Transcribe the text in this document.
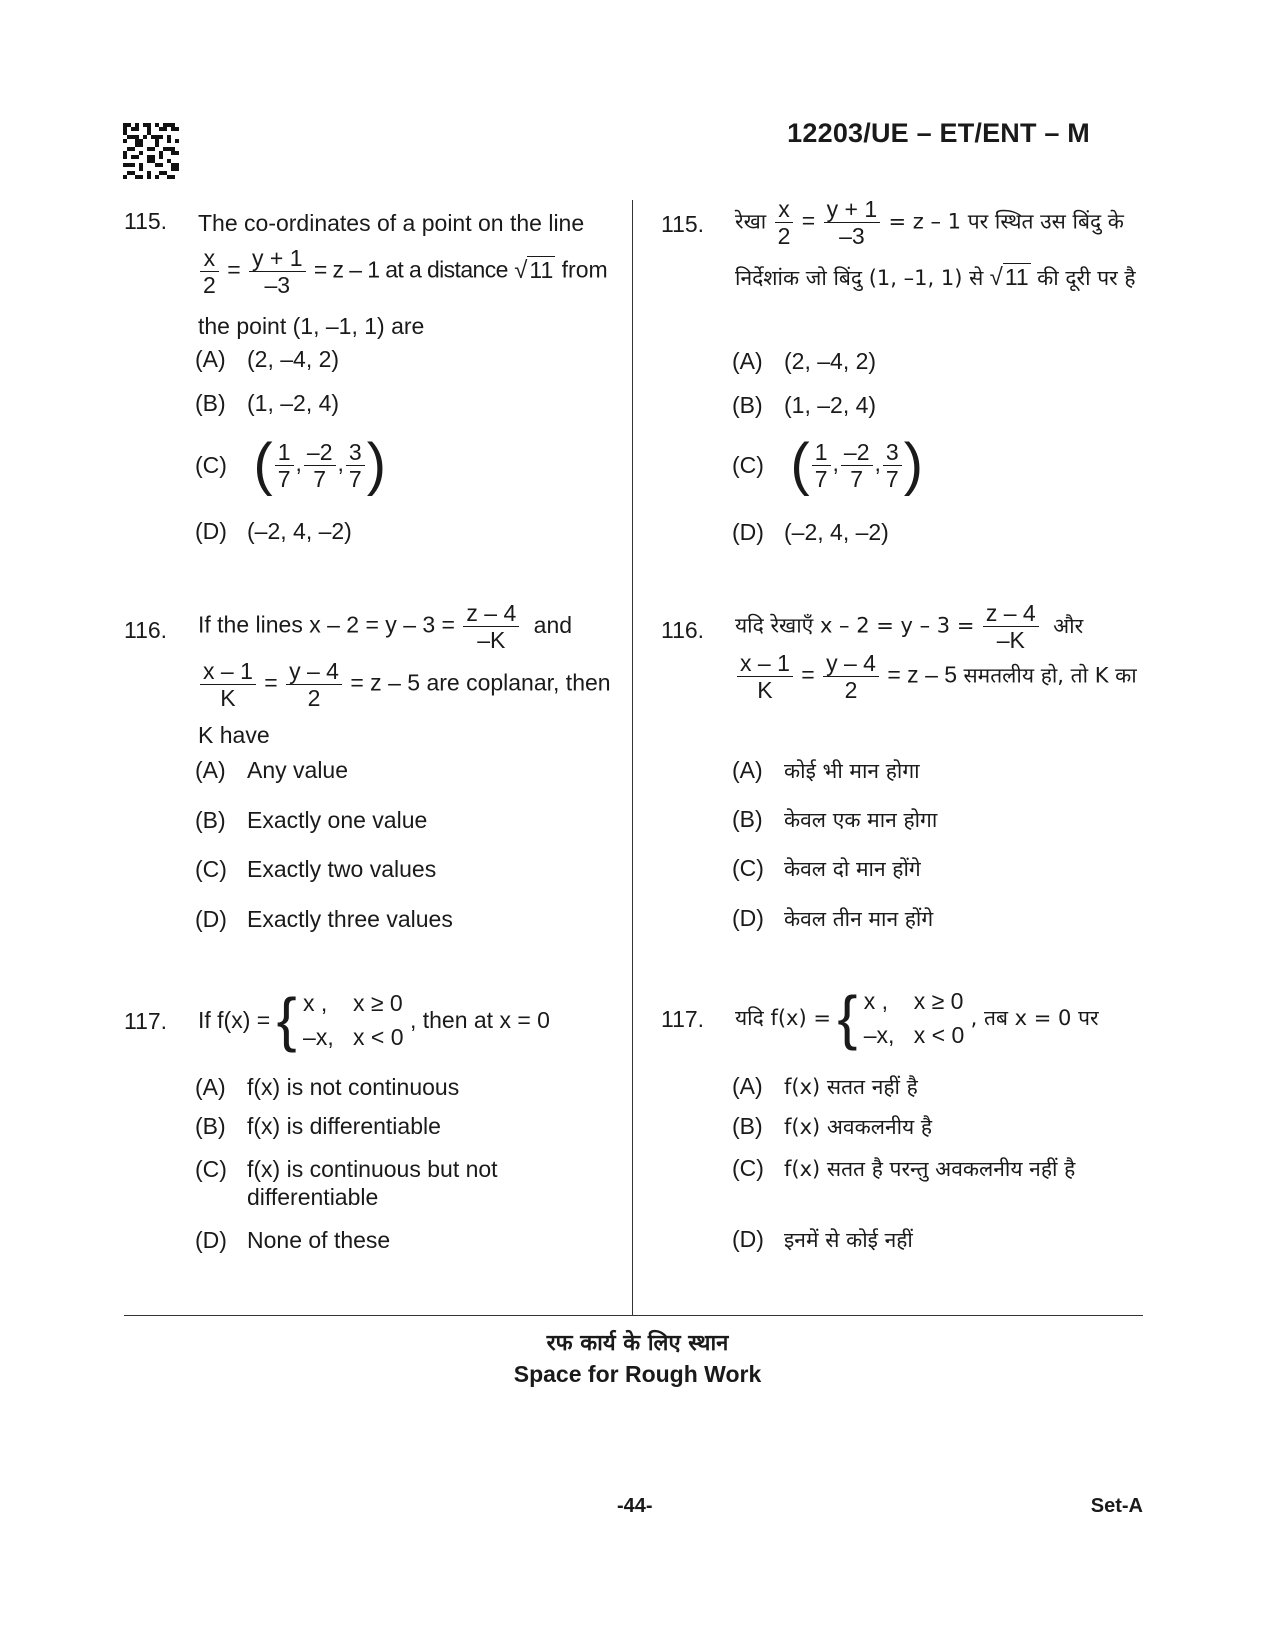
12203/UE – ET/ENT – M
115. The co-ordinates of a point on the line
$\frac{x}{2} = \frac{y + 1}{-3} = z - 1$ at a distance √11 from
the point (1, –1, 1) are
(A) (2, –4, 2)
(B) (1, –2, 4)
(C) ( $\frac{1}{7}$ , $\frac{-2}{7}$ , $\frac{3}{7}$ )
(D) (–2, 4, –2)
115. रेखा $\frac{x}{2} = \frac{y + 1}{-3} = z - 1$ पर स्थित उस बिंदु के
निर्देशांक जो बिंदु (1, –1, 1) से √11 की दूरी पर है
(A) (2, –4, 2)
(B) (1, –2, 4)
(C) ( $\frac{1}{7}$ , $\frac{-2}{7}$ , $\frac{3}{7}$ )
(D) (–2, 4, –2)
116. If the lines $x - 2 = y - 3 = \frac{z - 4}{-K}$ and
$\frac{x - 1}{K} = \frac{y - 4}{2} = z - 5$ are coplanar, then
K have
(A) Any value
(B) Exactly one value
(C) Exactly two values
(D) Exactly three values
116. यदि रेखाएँ $x - 2 = y - 3 = \frac{z - 4}{-K}$ और
$\frac{x - 1}{K} = \frac{y - 4}{2} = z - 5$ समतलीय हो, तो K का
(A) कोई भी मान होगा
(B) केवल एक मान होगा
(C) केवल दो मान होंगे
(D) केवल तीन मान होंगे
117. If f(x) = { x , x ≥ 0
–x, x < 0
, then at x = 0
(A) f(x) is not continuous
(B) f(x) is differentiable
(C) f(x) is continuous but not
differentiable
(D) None of these
117. यदि f(x) = { x , x ≥ 0
–x, x < 0
, तब x = 0 पर
(A) f(x) सतत नहीं है
(B) f(x) अवकलनीय है
(C) f(x) सतत है परन्तु अवकलनीय नहीं है
(D) इनमें से कोई नहीं
रफ कार्य के लिए स्थान
Space for Rough Work
-44-	Set-A
